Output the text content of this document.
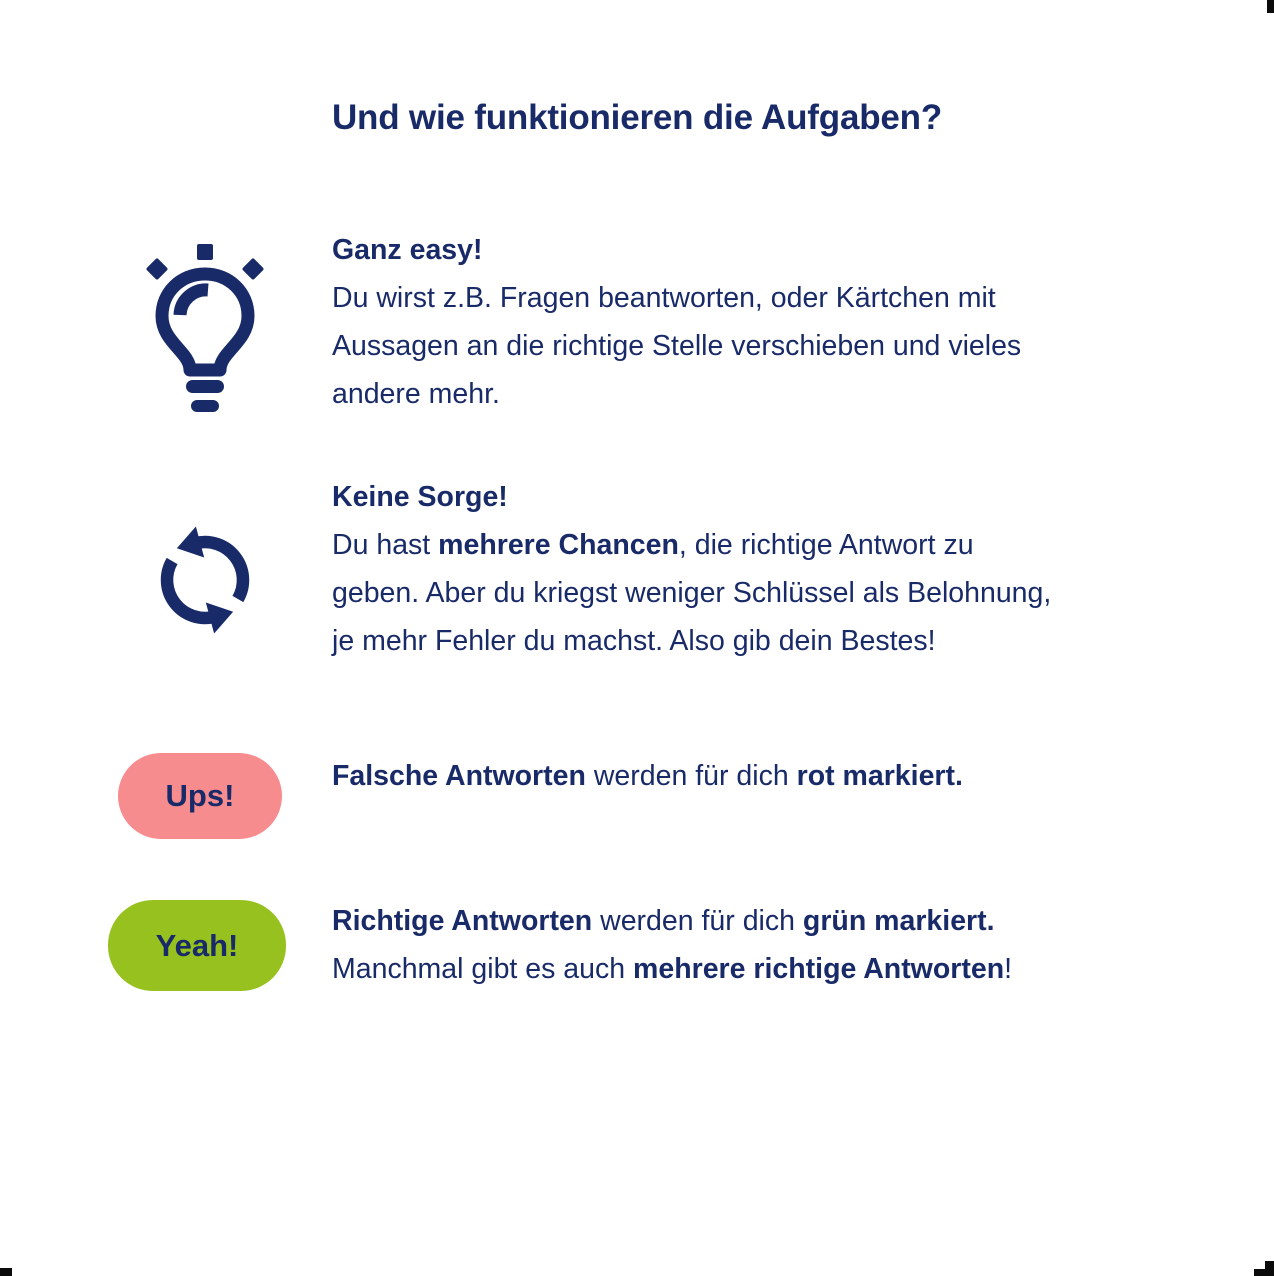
Und wie funktionieren die Aufgaben?
Ganz easy!
Du wirst z.B. Fragen beantworten, oder Kärtchen mit
Aussagen an die richtige Stelle verschieben und vieles
andere mehr.
Keine Sorge!
Du hast mehrere Chancen, die richtige Antwort zu
geben. Aber du kriegst weniger Schlüssel als Belohnung,
je mehr Fehler du machst. Also gib dein Bestes!
Ups!
Falsche Antworten werden für dich rot markiert.
Yeah!
Richtige Antworten werden für dich grün markiert.
Manchmal gibt es auch mehrere richtige Antworten!
